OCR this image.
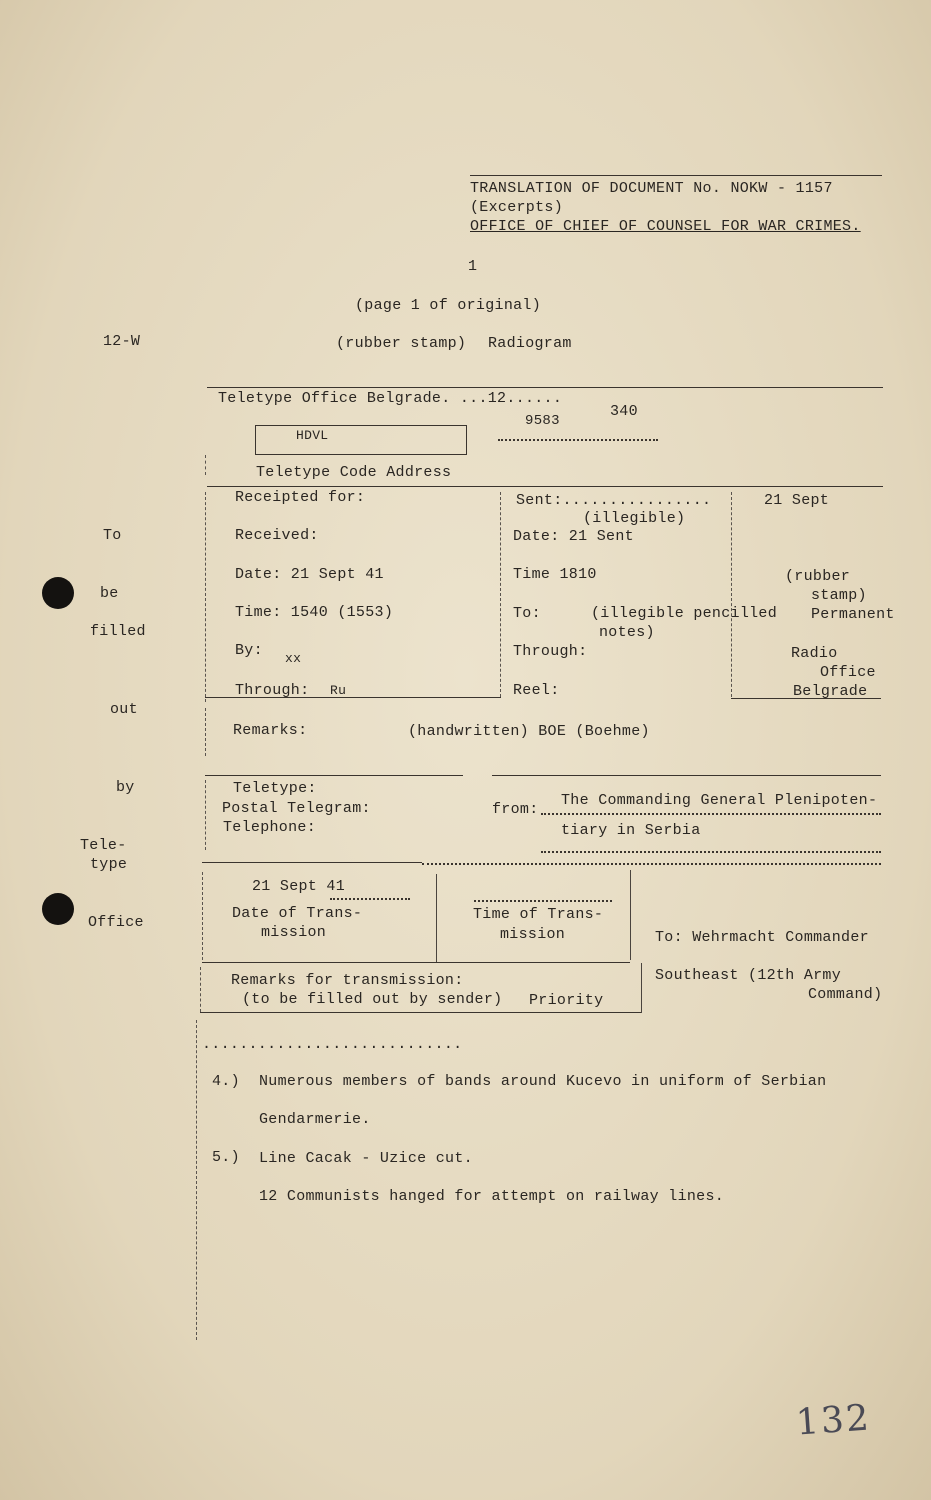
TRANSLATION OF DOCUMENT No. NOKW - 1157
(Excerpts)
OFFICE OF CHIEF OF COUNSEL FOR WAR CRIMES.
1
(page 1 of original)
12-W	(rubber stamp) Radiogram
To
be
filled
out
by
Tele-
type
Office
Teletype Office Belgrade. ...12......
340
9583
HDVL
Teletype Code Address
Receipted for:
Received:
Date: 21 Sept 41
Time: 1540 (1553)
By: xx
Through: Ru
Sent:................
(illegible)
Date: 21 Sent
Time 1810
To:	(illegible pencilled
notes)
Through:
Reel:
21 Sept
(rubber
stamp)
Permanent
Radio
Office
Belgrade
Remarks:	(handwritten) BOE (Boehme)
Teletype:
Postal Telegram:
Telephone:
from:
The Commanding General Plenipoten-
tiary in Serbia
21 Sept 41
Date of Trans-
mission
Time of Trans-
mission	To: Wehrmacht Commander
Southeast (12th Army
Command)
Remarks for transmission:
(to be filled out by sender) Priority
............................
4.) Numerous members of bands around Kucevo in uniform of Serbian
Gendarmerie.
5.) Line Cacak - Uzice cut.
12 Communists hanged for attempt on railway lines.
132
